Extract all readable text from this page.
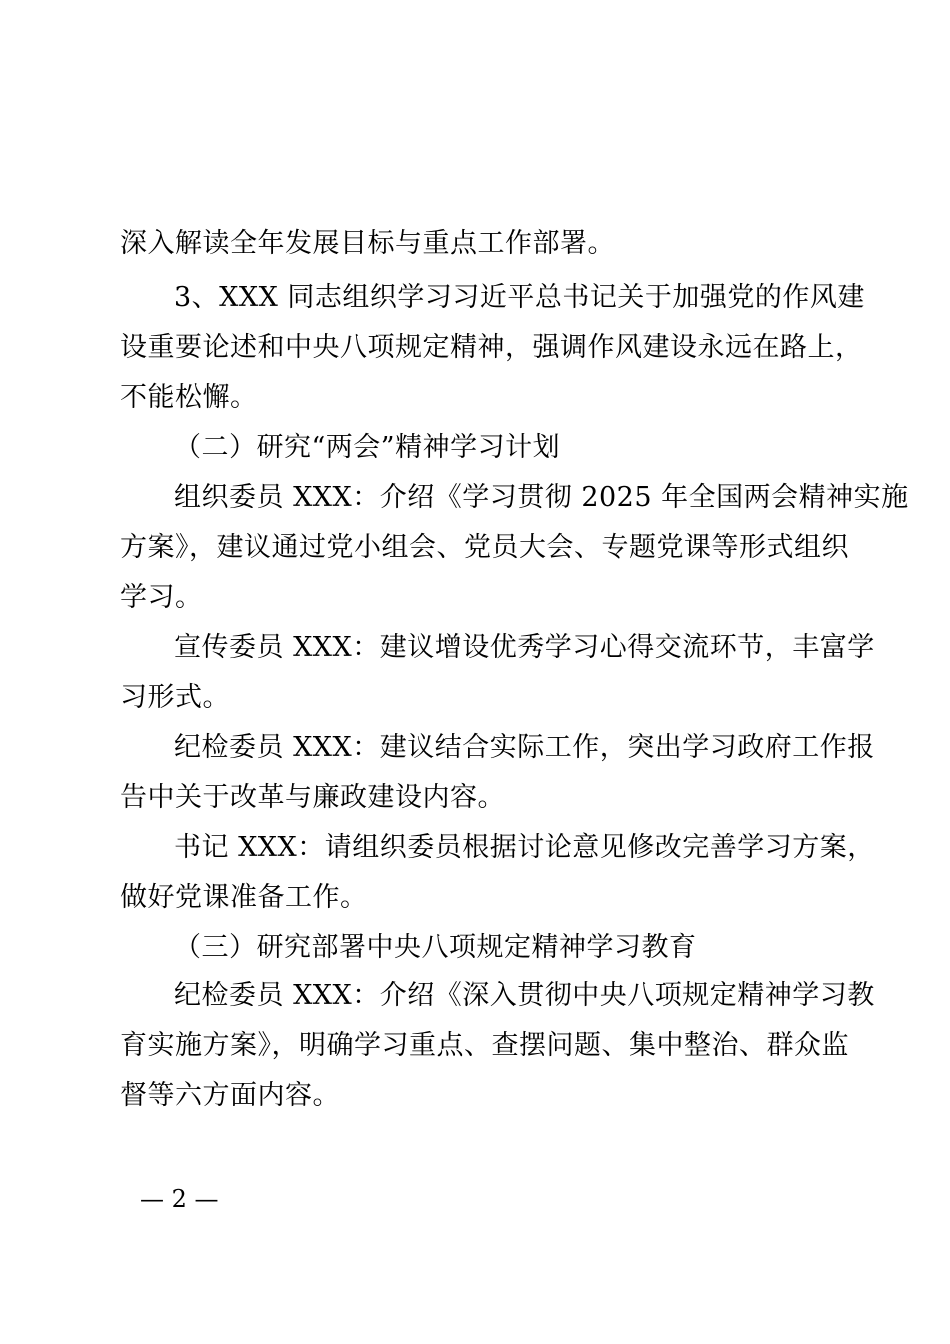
深入解读全年发展目标与重点工作部署。
3、XXX 同志组织学习习近平总书记关于加强党的作风建
设重要论述和中央八项规定精神，强调作风建设永远在路上，
不能松懈。
（二）研究“两会”精神学习计划
组织委员 XXX：介绍《学习贯彻 2025 年全国两会精神实施
方案》，建议通过党小组会、党员大会、专题党课等形式组织
学习。
宣传委员 XXX：建议增设优秀学习心得交流环节，丰富学
习形式。
纪检委员 XXX：建议结合实际工作，突出学习政府工作报
告中关于改革与廉政建设内容。
书记 XXX：请组织委员根据讨论意见修改完善学习方案，
做好党课准备工作。
（三）研究部署中央八项规定精神学习教育
纪检委员 XXX：介绍《深入贯彻中央八项规定精神学习教
育实施方案》，明确学习重点、查摆问题、集中整治、群众监
督等六方面内容。
— 2 —
